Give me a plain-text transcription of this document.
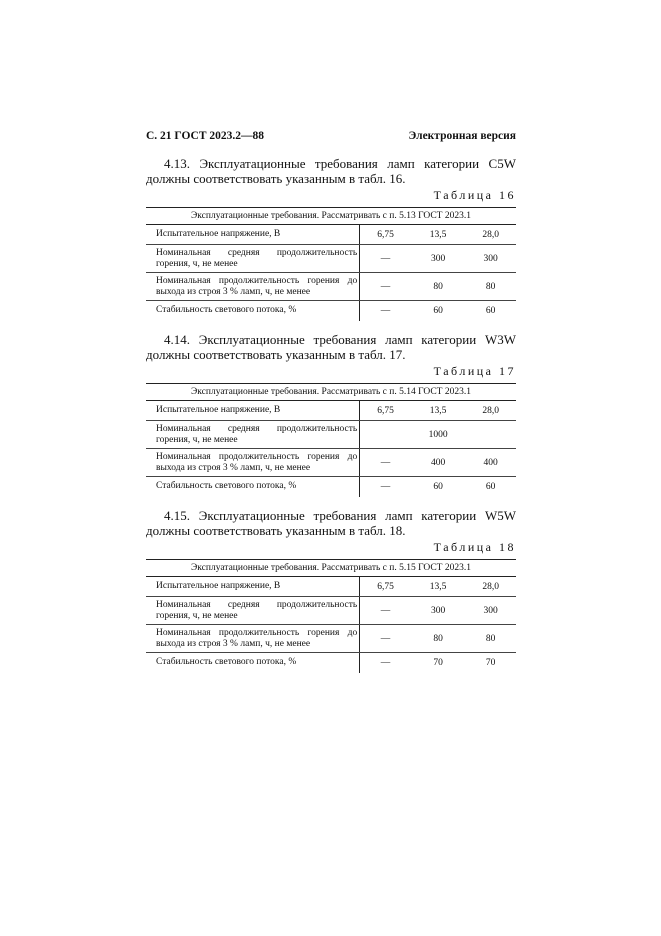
С. 21 ГОСТ 2023.2—88	Электронная версия

4.13. Эксплуатационные требования ламп категории C5W должны соответствовать указанным в табл. 16.

Таблица 16
Эксплуатационные требования. Рассматривать с п. 5.13 ГОСТ 2023.1			
Испытательное напряжение, В	6,75	13,5	28,0
Номинальная средняя продолжительность горения, ч, не менее	—	300	300
Номинальная продолжительность горения до выхода из строя 3 % ламп, ч, не менее	—	80	80
Стабильность светового потока, %	—	60	60

4.14. Эксплуатационные требования ламп категории W3W должны соответствовать указанным в табл. 17.

Таблица 17
Эксплуатационные требования. Рассматривать с п. 5.14 ГОСТ 2023.1			
Испытательное напряжение, В	6,75	13,5	28,0
Номинальная средняя продолжительность горения, ч, не менее	1000		
Номинальная продолжительность горения до выхода из строя 3 % ламп, ч, не менее	—	400	400
Стабильность светового потока, %	—	60	60

4.15. Эксплуатационные требования ламп категории W5W должны соответствовать указанным в табл. 18.

Таблица 18
Эксплуатационные требования. Рассматривать с п. 5.15 ГОСТ 2023.1			
Испытательное напряжение, В	6,75	13,5	28,0
Номинальная средняя продолжительность горения, ч, не менее	—	300	300
Номинальная продолжительность горения до выхода из строя 3 % ламп, ч, не менее	—	80	80
Стабильность светового потока, %	—	70	70
